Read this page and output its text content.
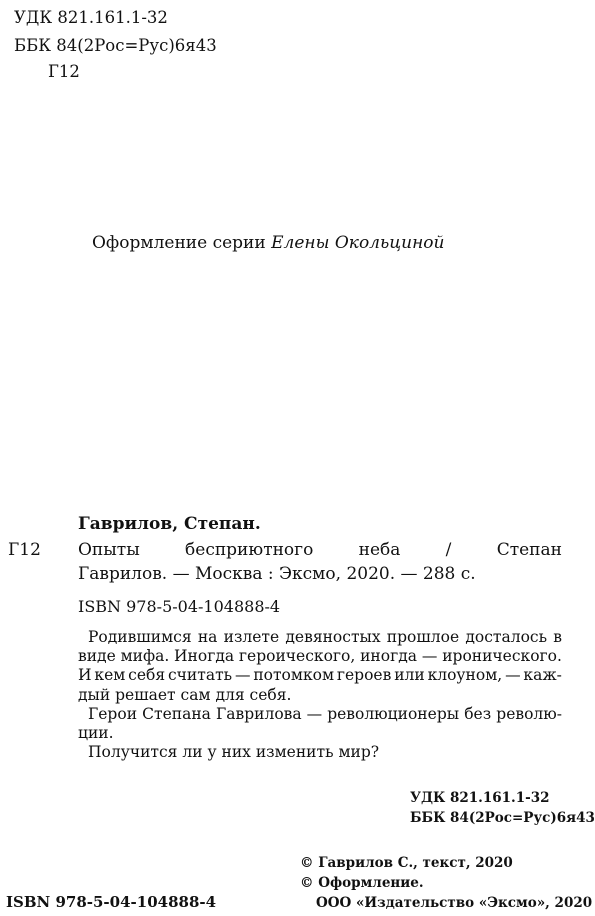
УДК 821.161.1-32
ББК 84(2Рос=Рус)6я43
Г12
Оформление серии Елены Окольциной
Гаврилов, Степан.
Г12 Опыты	бесприютного	неба	/	Степан
Гаврилов. — Москва : Эксмо, 2020. — 288 с.
ISBN 978-5-04-104888-4
Родившимся на излете девяностых прошлое досталось в
виде мифа. Иногда героического, иногда — иронического.
И кем себя считать — потомком героев или клоуном, — каж-
дый решает сам для себя.
Герои Степана Гаврилова — революционеры без револю-
ции.
Получится ли у них изменить мир?
УДК 821.161.1-32
ББК 84(2Рос=Рус)6я43
© Гаврилов С., текст, 2020
© Оформление.
ООО «Издательство «Эксмо», 2020
ISBN 978-5-04-104888-4
